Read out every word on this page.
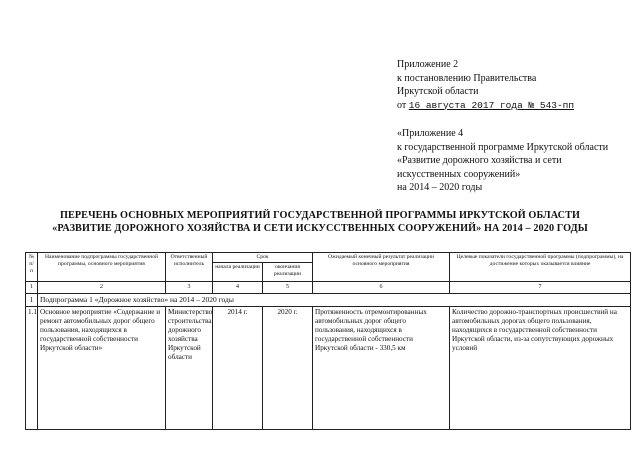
Приложение 2
к постановлению Правительства
Иркутской области
от 16 августа 2017 года № 543-пп
«Приложение 4
к государственной программе Иркутской области
«Развитие дорожного хозяйства и сети
искусственных сооружений»
на 2014 – 2020 годы
ПЕРЕЧЕНЬ ОСНОВНЫХ МЕРОПРИЯТИЙ ГОСУДАРСТВЕННОЙ ПРОГРАММЫ ИРКУТСКОЙ ОБЛАСТИ
«РАЗВИТИЕ ДОРОЖНОГО ХОЗЯЙСТВА И СЕТИ ИСКУССТВЕННЫХ СООРУЖЕНИЙ» НА 2014 – 2020 ГОДЫ
№ п/п	Наименование подпрограммы государственной программы, основного мероприятия	Ответственный исполнитель	Срок		Ожидаемый конечный результат реализации основного мероприятия	Целевые показатели государственной программы (подпрограммы), на достижение которых оказывается влияние
			начала реализации	окончания реализации		
1	2	3	4	5	6	7
1	Подпрограмма 1 «Дорожное хозяйство» на 2014 – 2020 годы					
1.1	Основное мероприятие «Содержание и ремонт автомобильных дорог общего пользования, находящихся в государственной собственности Иркутской области»	Министерство строительства, дорожного хозяйства Иркутской области	2014 г.	2020 г.	Протяженность отремонтированных автомобильных дорог общего пользования, находящихся в государственной собственности Иркутской области - 330,5 км	Количество дорожно-транспортных происшествий на автомобильных дорогах общего пользования, находящихся в государственной собственности Иркутской области, из-за сопутствующих дорожных условий
